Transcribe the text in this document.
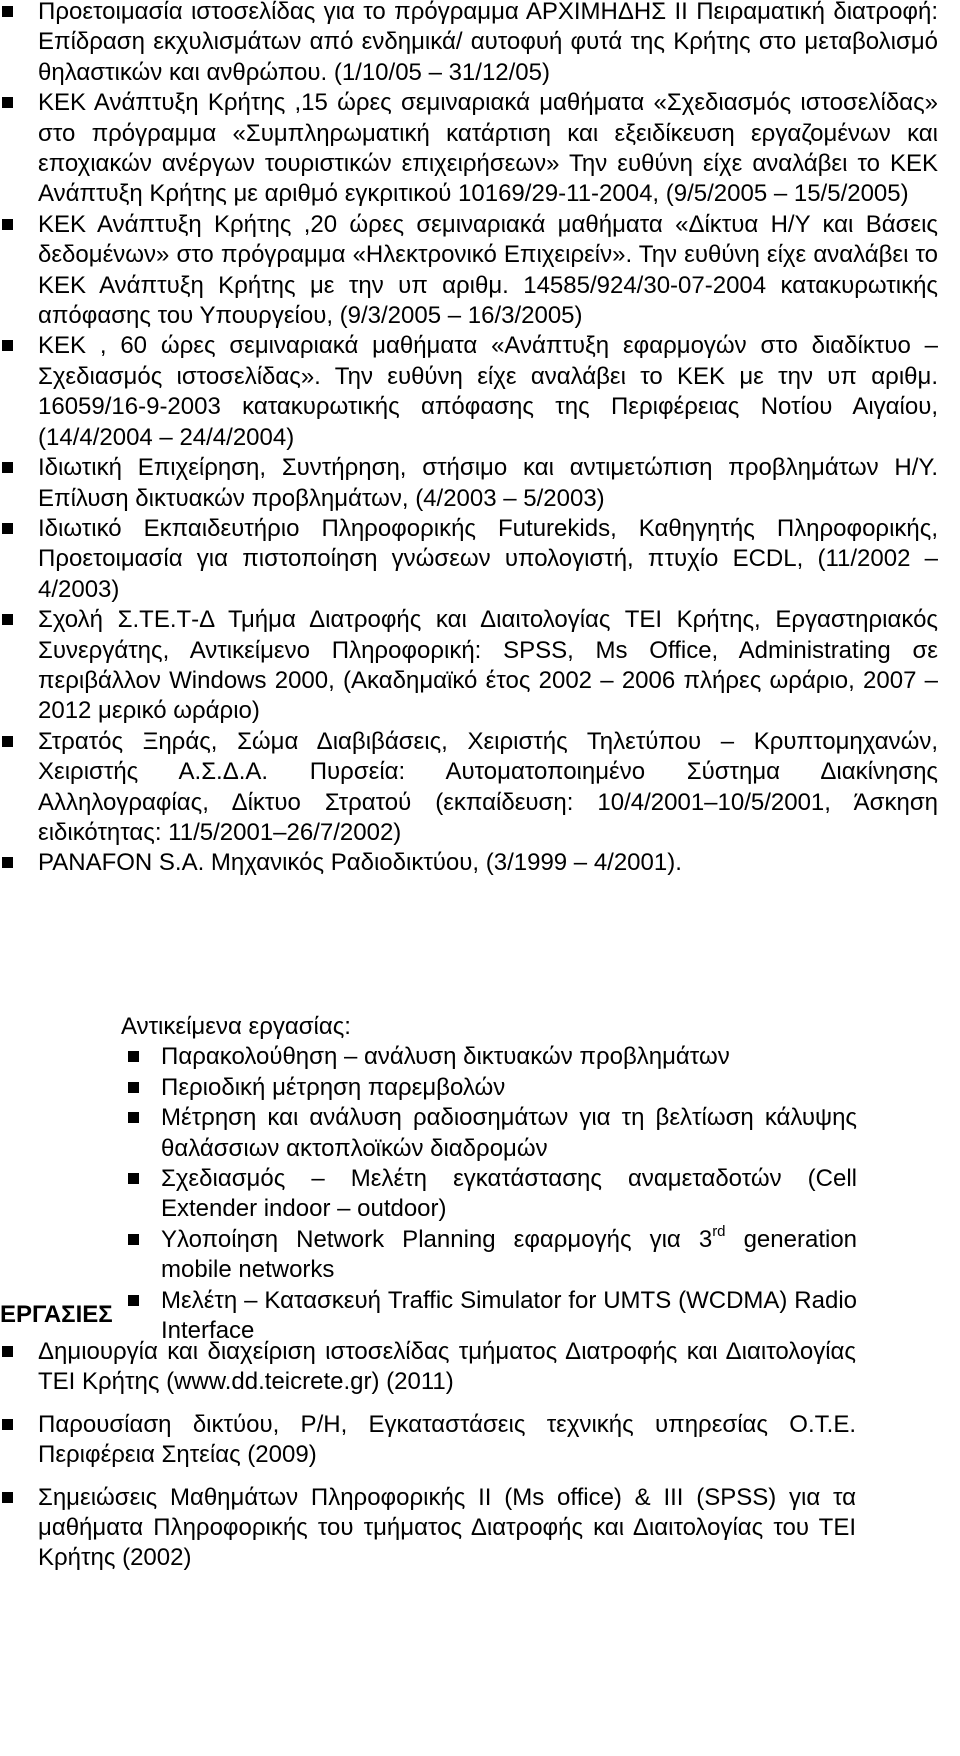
Προετοιμασία ιστοσελίδας για το πρόγραμμα ΑΡΧΙΜΗΔΗΣ ΙΙ Πειραματική διατροφή: Επίδραση εκχυλισμάτων από ενδημικά/ αυτοφυή φυτά της Κρήτης στο μεταβολισμό θηλαστικών και ανθρώπου. (1/10/05 – 31/12/05)
ΚΕΚ Ανάπτυξη Κρήτης ,15 ώρες σεμιναριακά μαθήματα «Σχεδιασμός ιστοσελίδας» στο πρόγραμμα «Συμπληρωματική κατάρτιση και εξειδίκευση εργαζομένων και εποχιακών ανέργων τουριστικών επιχειρήσεων» Την ευθύνη είχε αναλάβει το ΚΕΚ Ανάπτυξη Κρήτης με αριθμό εγκριτικού 10169/29-11-2004, (9/5/2005 – 15/5/2005)
ΚΕΚ Ανάπτυξη Κρήτης ,20 ώρες σεμιναριακά μαθήματα «Δίκτυα Η/Υ και Βάσεις δεδομένων» στο πρόγραμμα «Ηλεκτρονικό Επιχειρείν». Την ευθύνη είχε αναλάβει το ΚΕΚ Ανάπτυξη Κρήτης με την υπ αριθμ. 14585/924/30-07-2004 κατακυρωτικής απόφασης του Υπουργείου, (9/3/2005 – 16/3/2005)
ΚΕΚ , 60 ώρες σεμιναριακά μαθήματα «Ανάπτυξη εφαρμογών στο διαδίκτυο – Σχεδιασμός ιστοσελίδας». Την ευθύνη είχε αναλάβει το ΚΕΚ με την υπ αριθμ. 16059/16-9-2003 κατακυρωτικής απόφασης της Περιφέρειας Νοτίου Αιγαίου, (14/4/2004 – 24/4/2004)
Ιδιωτική Επιχείρηση, Συντήρηση, στήσιμο και αντιμετώπιση προβλημάτων Η/Υ. Επίλυση δικτυακών προβλημάτων, (4/2003 – 5/2003)
Ιδιωτικό Εκπαιδευτήριο Πληροφορικής Futurekids, Καθηγητής Πληροφορικής, Προετοιμασία για πιστοποίηση γνώσεων υπολογιστή, πτυχίο ECDL, (11/2002 – 4/2003)
Σχολή Σ.ΤΕ.Τ-Δ Τμήμα Διατροφής και Διαιτολογίας ΤΕΙ Κρήτης, Εργαστηριακός Συνεργάτης, Αντικείμενο Πληροφορική: SPSS, Ms Office, Administrating σε περιβάλλον Windows 2000, (Ακαδημαϊκό έτος 2002 – 2006 πλήρες ωράριο, 2007 – 2012 μερικό ωράριο)
Στρατός Ξηράς, Σώμα Διαβιβάσεις, Χειριστής Τηλετύπου – Κρυπτομηχανών, Χειριστής Α.Σ.Δ.Α. Πυρσεία: Αυτοματοποιημένο Σύστημα Διακίνησης Αλληλογραφίας, Δίκτυο Στρατού (εκπαίδευση: 10/4/2001–10/5/2001, Άσκηση ειδικότητας: 11/5/2001–26/7/2002)
PANAFON S.A. Μηχανικός Ραδιοδικτύου, (3/1999 – 4/2001).
Αντικείμενα εργασίας:
Παρακολούθηση – ανάλυση δικτυακών προβλημάτων
Περιοδική μέτρηση παρεμβολών
Μέτρηση και ανάλυση ραδιοσημάτων για τη βελτίωση κάλυψης θαλάσσιων ακτοπλοϊκών διαδρομών
Σχεδιασμός – Μελέτη εγκατάστασης αναμεταδοτών (Cell Extender indoor – outdoor)
Υλοποίηση Network Planning εφαρμογής για 3rd generation mobile networks
Μελέτη – Κατασκευή Traffic Simulator for UMTS (WCDMA) Radio Interface
ΕΡΓΑΣΙΕΣ
Δημιουργία και διαχείριση ιστοσελίδας τμήματος Διατροφής και Διαιτολογίας ΤΕΙ Κρήτης (www.dd.teicrete.gr) (2011)
Παρουσίαση δικτύου, Ρ/Η, Εγκαταστάσεις τεχνικής υπηρεσίας Ο.Τ.Ε. Περιφέρεια Σητείας (2009)
Σημειώσεις Μαθημάτων Πληροφορικής ΙΙ (Ms office) & ΙΙΙ (SPSS) για τα μαθήματα Πληροφορικής του τμήματος Διατροφής και Διαιτολογίας του ΤΕΙ Κρήτης (2002)
